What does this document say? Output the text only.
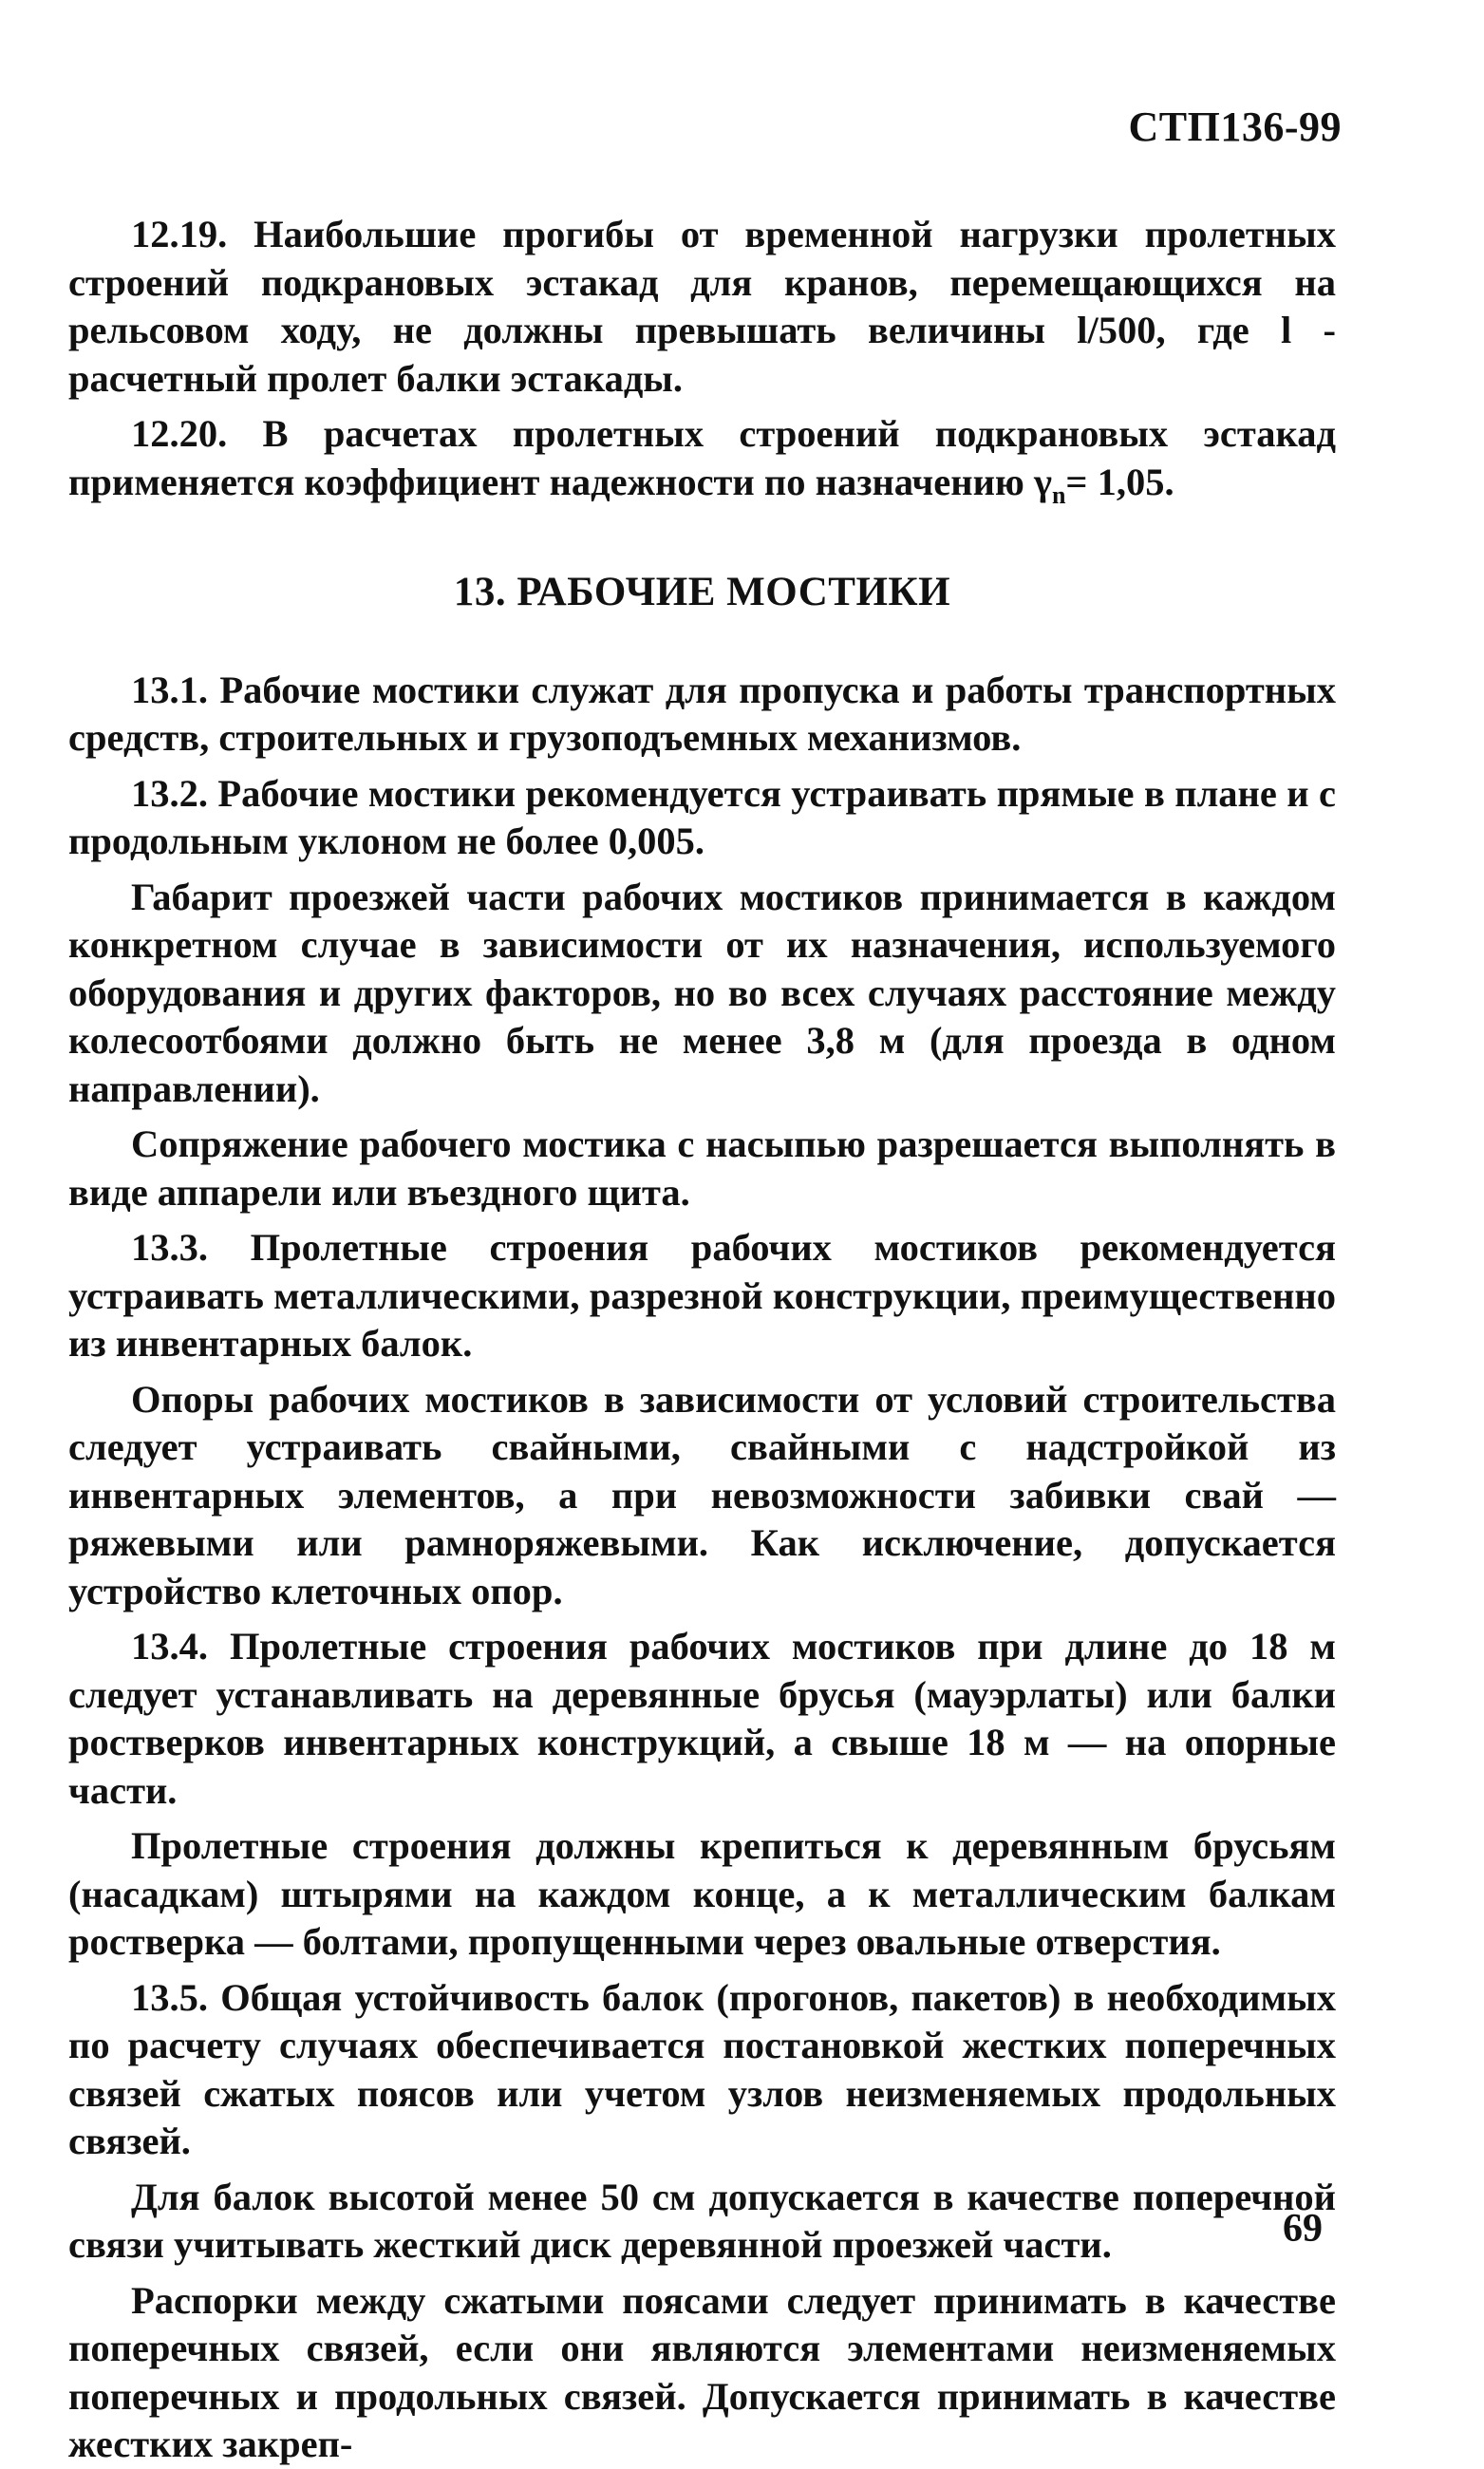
СТП136-99

12.19. Наибольшие прогибы от временной нагрузки пролетных строений подкрановых эстакад для кранов, перемещающихся на рельсовом ходу, не должны превышать величины l/500, где l - расчетный пролет балки эстакады.

12.20. В расчетах пролетных строений подкрановых эстакад применяется коэффициент надежности по назначению $\gamma_n= 1,05$.

13. РАБОЧИЕ МОСТИКИ

13.1. Рабочие мостики служат для пропуска и работы транспортных средств, строительных и грузоподъемных механизмов.

13.2. Рабочие мостики рекомендуется устраивать прямые в плане и с продольным уклоном не более 0,005.

Габарит проезжей части рабочих мостиков принимается в каждом конкретном случае в зависимости от их назначения, используемого оборудования и других факторов, но во всех случаях расстояние между колесоотбоями должно быть не менее 3,8 м (для проезда в одном направлении).

Сопряжение рабочего мостика с насыпью разрешается выполнять в виде аппарели или въездного щита.

13.3. Пролетные строения рабочих мостиков рекомендуется устраивать металлическими, разрезной конструкции, преимущественно из инвентарных балок.

Опоры рабочих мостиков в зависимости от условий строительства следует устраивать свайными, свайными с надстройкой из инвентарных элементов, а при невозможности забивки свай — ряжевыми или рамноряжевыми. Как исключение, допускается устройство клеточных опор.

13.4. Пролетные строения рабочих мостиков при длине до 18 м следует устанавливать на деревянные брусья (мауэрлаты) или балки ростверков инвентарных конструкций, а свыше 18 м — на опорные части.

Пролетные строения должны крепиться к деревянным брусьям (насадкам) штырями на каждом конце, а к металлическим балкам ростверка — болтами, пропущенными через овальные отверстия.

13.5. Общая устойчивость балок (прогонов, пакетов) в необходимых по расчету случаях обеспечивается постановкой жестких поперечных связей сжатых поясов или учетом узлов неизменяемых продольных связей.

Для балок высотой менее 50 см допускается в качестве поперечной связи учитывать жесткий диск деревянной проезжей части.

Распорки между сжатыми поясами следует принимать в качестве поперечных связей, если они являются элементами неизменяемых поперечных и продольных связей. Допускается принимать в качестве жестких закреп-

69
